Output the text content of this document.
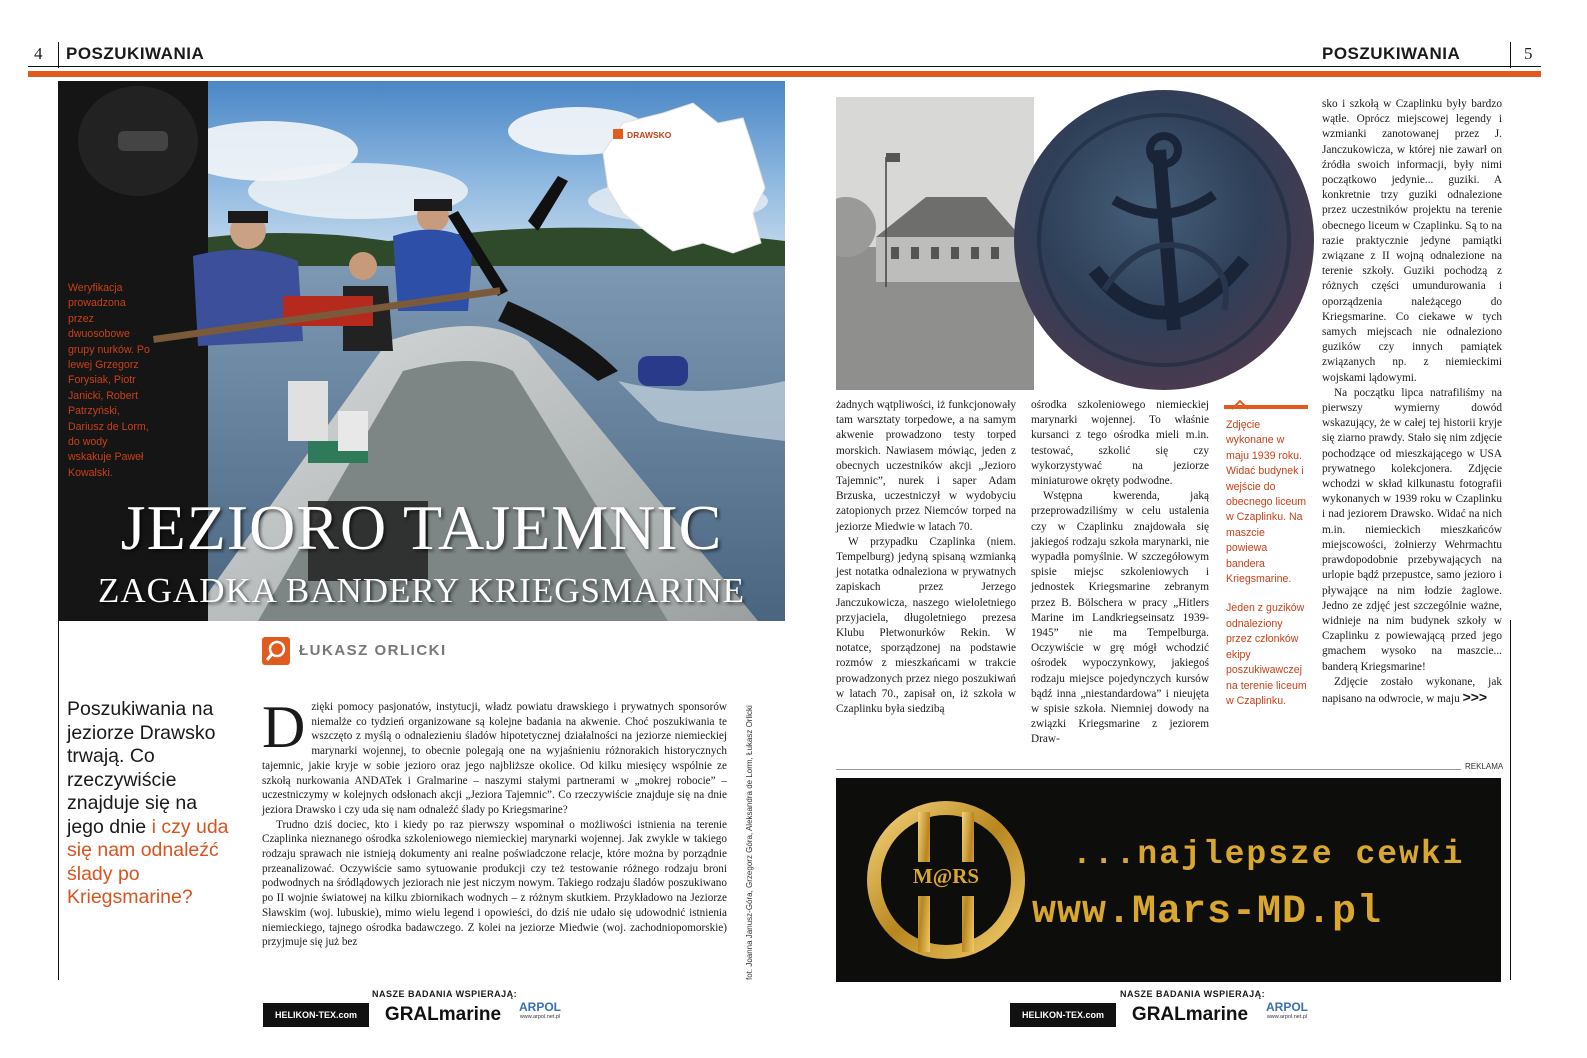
4 POSZUKIWANIA	POSZUKIWANIA	5
DRAWSKO
Weryfikacja prowadzona przez dwuosobowe grupy nurków. Po lewej Grzegorz Forysiak, Piotr Janicki, Robert Patrzyński, Dariusz de Lorm, do wody wskakuje Paweł Kowalski.
JEZIORO TAJEMNIC
ZAGADKA BANDERY KRIEGSMARINE
ŁUKASZ ORLICKI
Poszukiwania na jeziorze Drawsko trwają. Co rzeczywiście znajduje się na jego dnie i czy uda się nam odnaleźć ślady po Kriegsmarine?

Dzięki pomocy pasjonatów, instytucji, władz powiatu drawskiego i prywatnych sponsorów niemalże co tydzień organizowane są kolejne badania na akwenie. Choć poszukiwania te wszczęto z myślą o odnalezieniu śladów hipotetycznej działalności na jeziorze niemieckiej marynarki wojennej, to obecnie polegają one na wyjaśnieniu różnorakich historycznych tajemnic, jakie kryje w sobie jezioro oraz jego najbliższe okolice. Od kilku miesięcy wspólnie ze szkołą nurkowania ANDATek i Gralmarine – naszymi stałymi partnerami w „mokrej robocie” – uczestniczymy w kolejnych odsłonach akcji „Jeziora Tajemnic”. Co rzeczywiście znajduje się na dnie jeziora Drawsko i czy uda się nam odnaleźć ślady po Kriegsmarine?

Trudno dziś dociec, kto i kiedy po raz pierwszy wspominał o możliwości istnienia na terenie Czaplinka nieznanego ośrodka szkoleniowego niemieckiej marynarki wojennej. Jak zwykle w takiego rodzaju sprawach nie istnieją dokumenty ani realne poświadczone relacje, które można by porządnie przeanalizować. Oczywiście samo sytuowanie produkcji czy też testowanie różnego rodzaju broni podwodnych na śródlądowych jeziorach nie jest niczym nowym. Takiego rodzaju śladów poszukiwano po II wojnie światowej na kilku zbiornikach wodnych – z różnym skutkiem. Przykładowo na Jeziorze Sławskim (woj. lubuskie), mimo wielu legend i opowieści, do dziś nie udało się udowodnić istnienia niemieckiego, tajnego ośrodka badawczego. Z kolei na jeziorze Miedwie (woj. zachodniopomorskie) przyjmuje się już bez	fot. Joanna Janusz-Góra, Grzegorz Góra, Aleksandra de Lorm, Łukasz Orlicki

żadnych wątpliwości, iż funkcjonowały tam warsztaty torpedowe, a na samym akwenie prowadzono testy torped morskich. Nawiasem mówiąc, jeden z obecnych uczestników akcji „Jezioro Tajemnic”, nurek i saper Adam Brzuska, uczestniczył w wydobyciu zatopionych przez Niemców torped na jeziorze Miedwie w latach 70.

W przypadku Czaplinka (niem. Tempelburg) jedyną spisaną wzmianką jest notatka odnaleziona w prywatnych zapiskach przez Jerzego Janczukowicza, naszego wieloletniego przyjaciela, długoletniego prezesa Klubu Płetwonurków Rekin. W notatce, sporządzonej na podstawie rozmów z mieszkańcami w trakcie prowadzonych przez niego poszukiwań w latach 70., zapisał on, iż szkoła w Czaplinku była siedzibą

ośrodka szkoleniowego niemieckiej marynarki wojennej. To właśnie kursanci z tego ośrodka mieli m.in. testować, szkolić się czy wykorzystywać na jeziorze miniaturowe okręty podwodne.

Wstępna kwerenda, jaką przeprowadziliśmy w celu ustalenia czy w Czaplinku znajdowała się jakiegoś rodzaju szkoła marynarki, nie wypadła pomyślnie. W szczegółowym spisie miejsc szkoleniowych i jednostek Kriegsmarine zebranym przez B. Bölschera w pracy „Hitlers Marine im Landkriegseinsatz 1939-1945” nie ma Tempelburga. Oczywiście w grę mógł wchodzić ośrodek wypoczynkowy, jakiegoś rodzaju miejsce pojedynczych kursów bądź inna „niestandardowa” i nieujęta w spisie szkoła. Niemniej dowody na związki Kriegsmarine z jeziorem Draw-

Zdjęcie wykonane w maju 1939 roku. Widać budynek i wejście do obecnego liceum w Czaplinku. Na maszcie powiewa bandera Kriegsmarine.
Jeden z guzików odnaleziony przez członków ekipy poszukiwawczej na terenie liceum w Czaplinku.

sko i szkołą w Czaplinku były bardzo wątłe. Oprócz miejscowej legendy i wzmianki zanotowanej przez J. Janczukowicza, w której nie zawarł on źródła swoich informacji, były nimi początkowo jedynie... guziki. A konkretnie trzy guziki odnalezione przez uczestników projektu na terenie obecnego liceum w Czaplinku. Są to na razie praktycznie jedyne pamiątki związane z II wojną odnalezione na terenie szkoły. Guziki pochodzą z różnych części umundurowania i oporządzenia należącego do Kriegsmarine. Co ciekawe w tych samych miejscach nie odnaleziono guzików czy innych pamiątek związanych np. z niemieckimi wojskami lądowymi.

Na początku lipca natrafiliśmy na pierwszy wymierny dowód wskazujący, że w całej tej historii kryje się ziarno prawdy. Stało się nim zdjęcie pochodzące od mieszkającego w USA prywatnego kolekcjonera. Zdjęcie wchodzi w skład kilkunastu fotografii wykonanych w 1939 roku w Czaplinku i nad jeziorem Drawsko. Widać na nich m.in. niemieckich mieszkańców miejscowości, żołnierzy Wehrmachtu prawdopodobnie przebywających na urlopie bądź przepustce, samo jezioro i pływające na nim łodzie żaglowe. Jedno ze zdjęć jest szczególnie ważne, widnieje na nim budynek szkoły w Czaplinku z powiewającą przed jego gmachem wysoko na maszcie... banderą Kriegsmarine!

Zdjęcie zostało wykonane, jak napisano na odwrocie, w maju >>>

REKLAMA
M@RS
...najlepsze cewki
www.Mars-MD.pl
NASZE BADANIA WSPIERAJĄ:
HELIKON-TEX.com	GRALmarine	ARPOL
www.arpol.net.pl
NASZE BADANIA WSPIERAJĄ:
HELIKON-TEX.com	GRALmarine	ARPOL
www.arpol.net.pl
